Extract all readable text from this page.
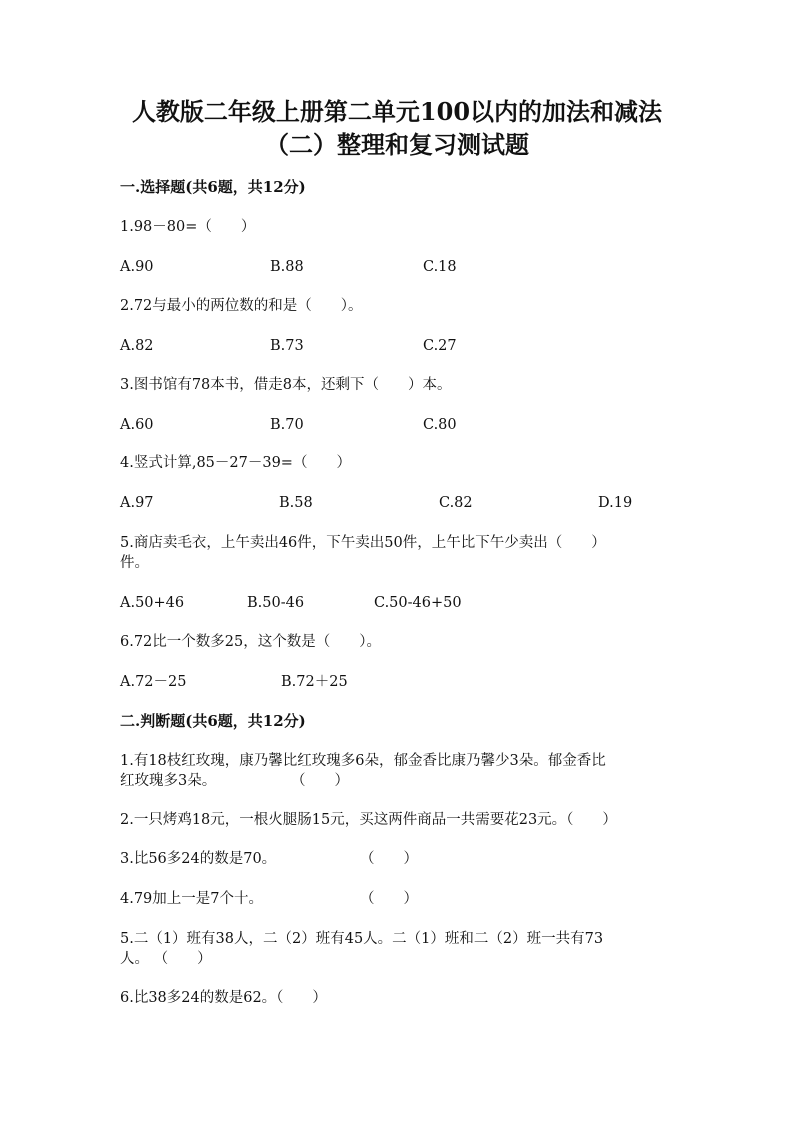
人教版二年级上册第二单元100以内的加法和减法
（二）整理和复习测试题
一.选择题(共6题，共12分)
1.98－80=（　　）
A.90	B.88	C.18
2.72与最小的两位数的和是（　　）。
A.82	B.73	C.27
3.图书馆有78本书，借走8本，还剩下（　　）本。
A.60	B.70	C.80
4.竖式计算,85－27－39=（　　）
A.97	B.58	C.82	D.19
5.商店卖毛衣，上午卖出46件，下午卖出50件，上午比下午少卖出（　　）
件。
A.50+46	B.50-46	C.50-46+50
6.72比一个数多25，这个数是（　　）。
A.72－25	B.72＋25
二.判断题(共6题，共12分)
1.有18枝红玫瑰，康乃馨比红玫瑰多6朵，郁金香比康乃馨少3朵。郁金香比
红玫瑰多3朵。	（　　）
2.一只烤鸡18元，一根火腿肠15元，买这两件商品一共需要花23元。（　　）
3.比56多24的数是70。	（　　）
4.79加上一是7个十。	（　　）
5.二（1）班有38人，二（2）班有45人。二（1）班和二（2）班一共有73
人。 （　　）
6.比38多24的数是62。（　　）
